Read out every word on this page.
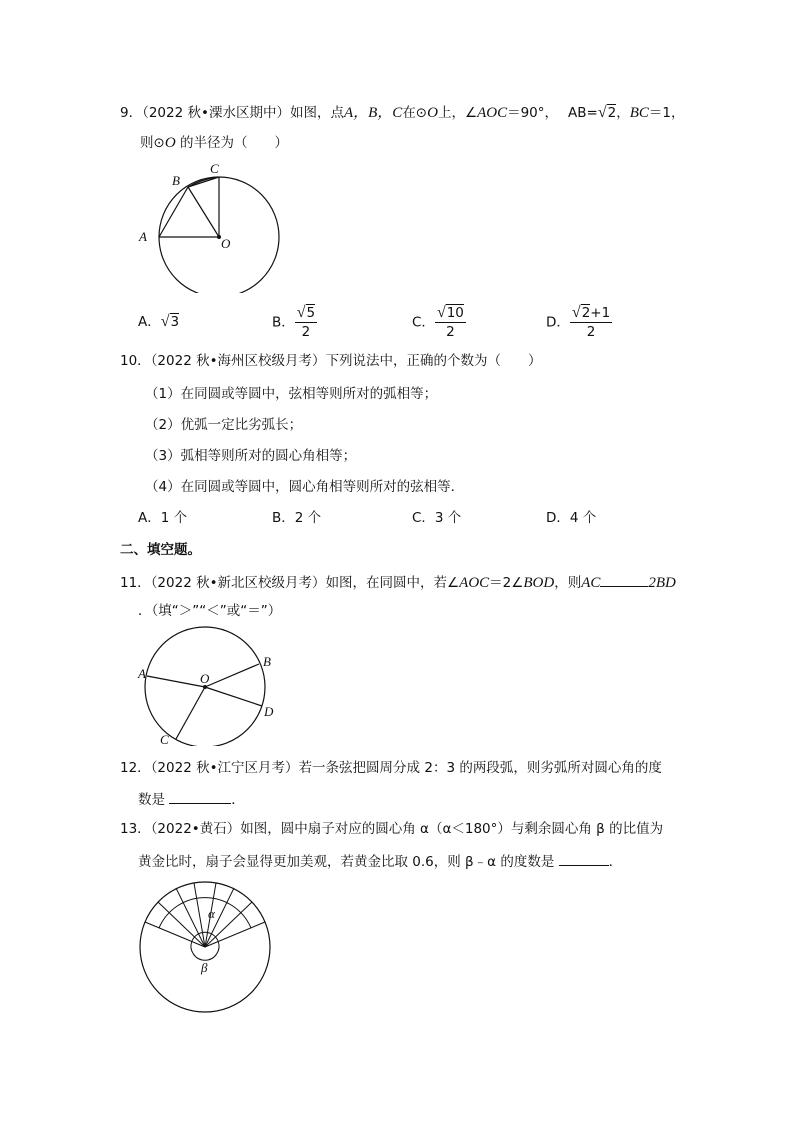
9．（2022 秋•溧水区期中）如图，点A，B，C在⊙O上，∠AOC＝90°， AB=√2，BC＝1，
则⊙O 的半径为（　　）
A
B
C
O
A．√3	B． $\frac{√5}{2}$	C． $\frac{√10}{2}$	D． $\frac{√2+1}{2}$
10．（2022 秋•海州区校级月考）下列说法中，正确的个数为（　　）
（1）在同圆或等圆中，弦相等则所对的弧相等；
（2）优弧一定比劣弧长；
（3）弧相等则所对的圆心角相等；
（4）在同圆或等圆中，圆心角相等则所对的弦相等．
A．1 个	B．2 个	C．3 个	D．4 个
二、填空题。
11．（2022 秋•新北区校级月考）如图，在同圆中，若∠AOC＝2∠BOD，则AC	2BD
．（填“＞”“＜”或“＝”）
A
B
C
D
O
12．（2022 秋•江宁区月考）若一条弦把圆周分成 2：3 的两段弧，则劣弧所对圆心角的度
数是	．
13．（2022•黄石）如图，圆中扇子对应的圆心角 α（α＜180°）与剩余圆心角 β 的比值为
黄金比时，扇子会显得更加美观，若黄金比取 0.6，则 β﹣α 的度数是	．
α
β
